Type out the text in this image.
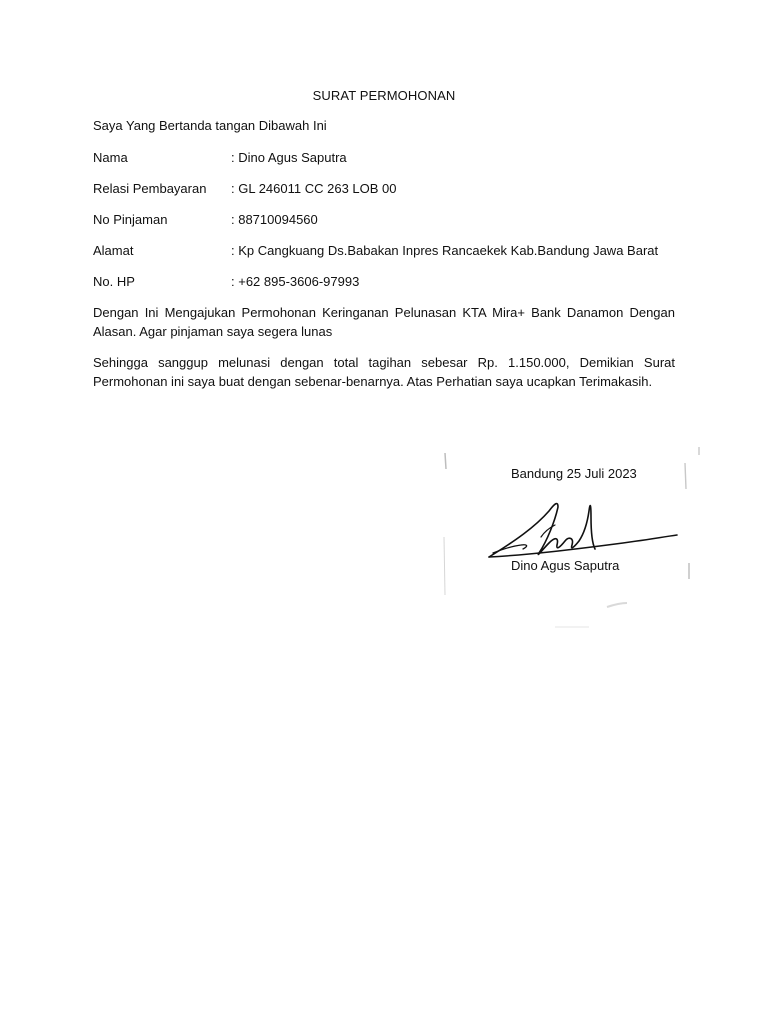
SURAT PERMOHONAN
Saya Yang Bertanda tangan Dibawah Ini
Nama	: Dino Agus Saputra
Relasi Pembayaran : GL 246011 CC 263 LOB 00
No Pinjaman	: 88710094560
Alamat	: Kp Cangkuang Ds.Babakan Inpres Rancaekek Kab.Bandung Jawa Barat
No. HP	: +62 895-3606-97993
Dengan Ini Mengajukan Permohonan Keringanan Pelunasan KTA Mira+ Bank Danamon Dengan Alasan. Agar pinjaman saya segera lunas
Sehingga sanggup melunasi dengan total tagihan sebesar Rp. 1.150.000, Demikian Surat Permohonan ini saya buat dengan sebenar-benarnya. Atas Perhatian saya ucapkan Terimakasih.
Bandung 25 Juli 2023
Dino Agus Saputra
